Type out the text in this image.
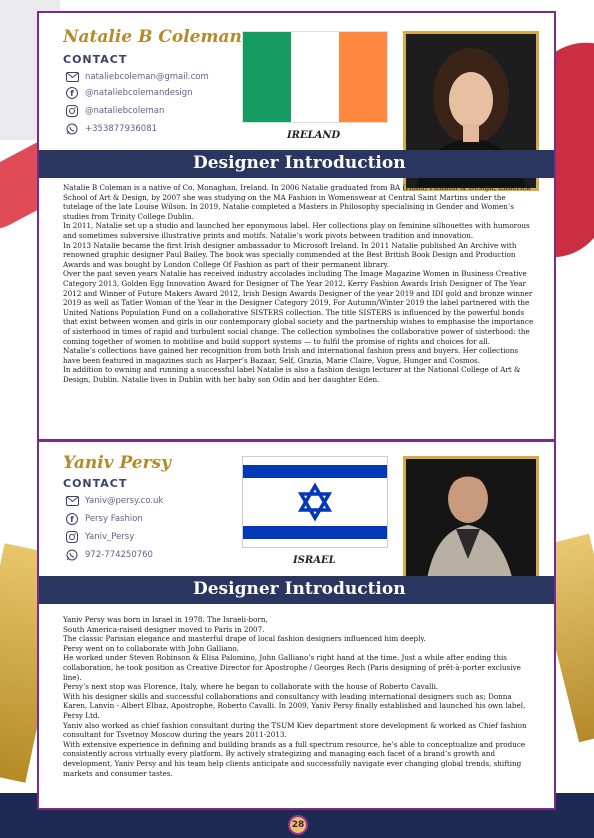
Natalie B Coleman
CONTACT
nataliebcoleman@gmail.com
f @nataliebcolemandesign
@nataliebcoleman
+353877936081
IRELAND
Designer Introduction

Natalie B Coleman is a native of Co. Monaghan, Ireland. In 2006 Natalie graduated from BA (Hons) Fashion & Design, Limerick School of Art & Design, by 2007 she was studying on the MA Fashion in Womenswear at Central Saint Martins under the tutelage of the late Louise Wilson. In 2019, Natalie completed a Masters in Philosophy specialising in Gender and Women’s studies from Trinity College Dublin.

In 2011, Natalie set up a studio and launched her eponymous label. Her collections play on feminine silhouettes with humorous and sometimes subversive illustrative prints and motifs. Natalie’s work pivots between tradition and innovation.

In 2013 Natalie became the first Irish designer ambassador to Microsoft Ireland. In 2011 Natalie published An Archive with renowned graphic designer Paul Bailey. The book was specially commended at the Best British Book Design and Production Awards and was bought by London College Of Fashion as part of their permanent library.

Over the past seven years Natalie has received industry accolades including The Image Magazine Women in Business Creative Category 2013, Golden Egg Innovation Award for Designer of The Year 2012, Kerry Fashion Awards Irish Designer of The Year 2012 and Winner of Future Makers Award 2012, Irish Design Awards Designer of the year 2019 and IDI gold and bronze winner 2019 as well as Tatler Woman of the Year in the Designer Category 2019. For Autumn/Winter 2019 the label partnered with the United Nations Population Fund on a collaborative SISTERS collection. The title SISTERS is influenced by the powerful bonds that exist between women and girls in our contemporary global society and the partnership wishes to emphasise the importance of sisterhood in times of rapid and turbulent social change. The collection symbolises the collaborative power of sisterhood: the coming together of women to mobilise and build support systems — to fulfil the promise of rights and choices for all.

Natalie’s collections have gained her recognition from both Irish and international fashion press and buyers. Her collections have been featured in magazines such as Harper’s Bazaar, Self, Grazia, Marie Claire, Vogue, Hunger and Cosmos.

In addition to owning and running a successful label Natalie is also a fashion design lecturer at the National College of Art & Design, Dublin. Natalie lives in Dublin with her baby son Odin and her daughter Eden.

Yaniv Persy
CONTACT
Yaniv@persy.co.uk
f Persy Fashion
Yaniv_Persy
972-774250760	ISRAEL
Designer Introduction

Yaniv Persy was born in Israel in 1978. The Israeli-born,

South America-raised designer moved to Paris in 2007.

The classic Parisian elegance and masterful drape of local fashion designers influenced him deeply.

Persy went on to collaborate with John Galliano.

He worked under Steven Robinson & Elisa Palomino, John Galliano’s right hand at the time. Just a while after ending this collaboration, he took position as Creative Director for Apostrophe / Georges Rech (Paris designing of prêt-à-porter exclusive line).

Persy’s next stop was Florence, Italy, where he began to collaborate with the house of Roberto Cavalli.

With his designer skills and successful collaborations and consultancy with leading international designers such as; Donna Karen, Lanvin - Albert Elbaz, Apostrophe, Roberto Cavalli. In 2009, Yaniv Persy finally established and launched his own label, Persy Ltd.

Yaniv also worked as chief fashion consultant during the TSUM Kiev department store development & worked as Chief fashion consultant for Tsvetnoy Moscow during the years 2011-2013.

With extensive experience in defining and building brands as a full spectrum resource, he’s able to conceptualize and produce consistently across virtually every platform. By actively strategizing and managing each facet of a brand’s growth and development, Yaniv Persy and his team help clients anticipate and successfully navigate ever changing global trends, shifting markets and consumer tastes.

28
